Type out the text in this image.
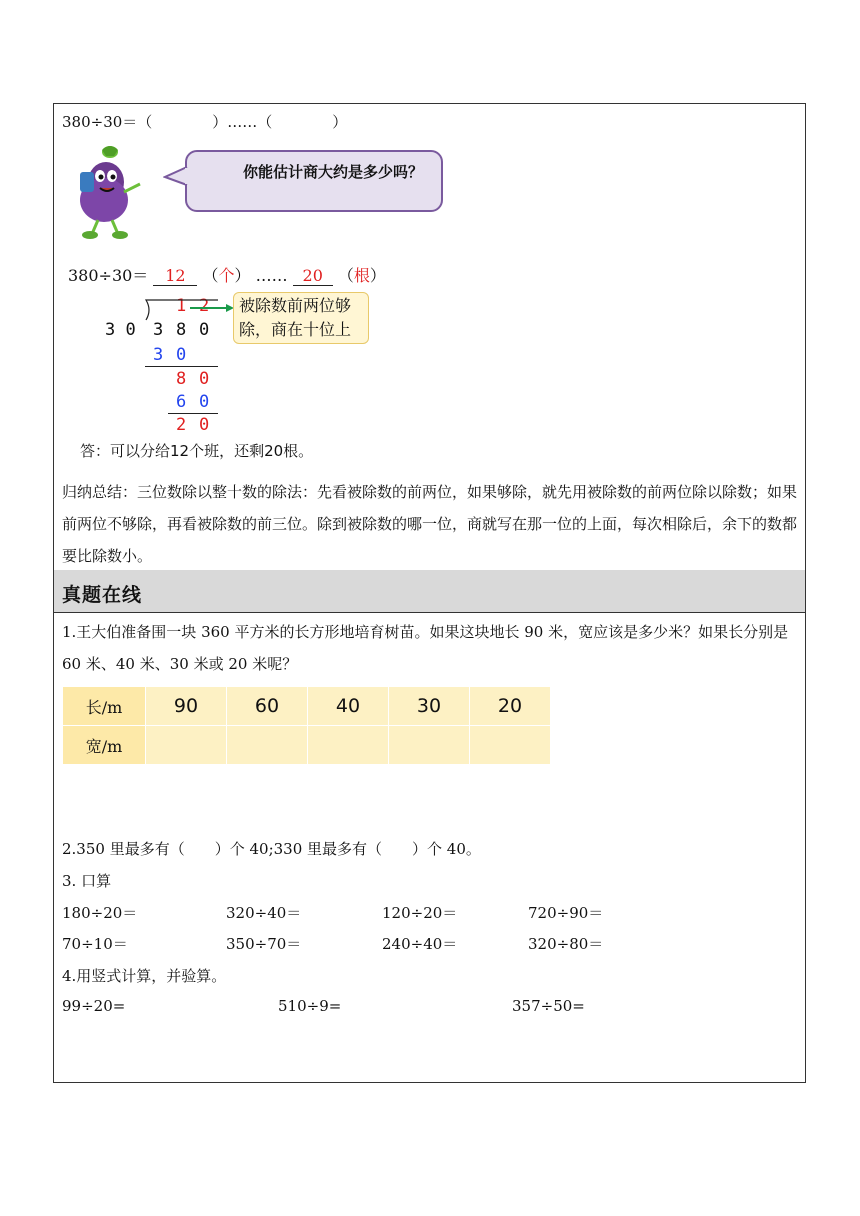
380÷30＝（　　　　）……（　　　　）
你能估计商大约是多少吗？
380÷30＝ 12 （个） …… 20 （根）
1 2
3 0 3 8 0
3 0
8 0
6 0
2 0
被除数前两位够
除，商在十位上
答：可以分给12个班，还剩20根。
归纳总结：三位数除以整十数的除法：先看被除数的前两位，如果够除，就先用被除数的前两位除以除数；如果前两位不够除，再看被除数的前三位。除到被除数的哪一位，商就写在那一位的上面，每次相除后，余下的数都要比除数小。
真题在线
1.王大伯准备围一块 360 平方米的长方形地培育树苗。如果这块地长 90 米，宽应该是多少米？如果长分别是 60 米、40 米、30 米或 20 米呢？
长/m	90	60	40	30	20
宽/m					
2.350 里最多有（　　）个 40;330 里最多有（　　）个 40。
3. 口算
180÷20＝	320÷40＝	120÷20＝	720÷90＝
70÷10＝	350÷70＝	240÷40＝	320÷80＝
4.用竖式计算，并验算。
99÷20=	510÷9=	357÷50=
